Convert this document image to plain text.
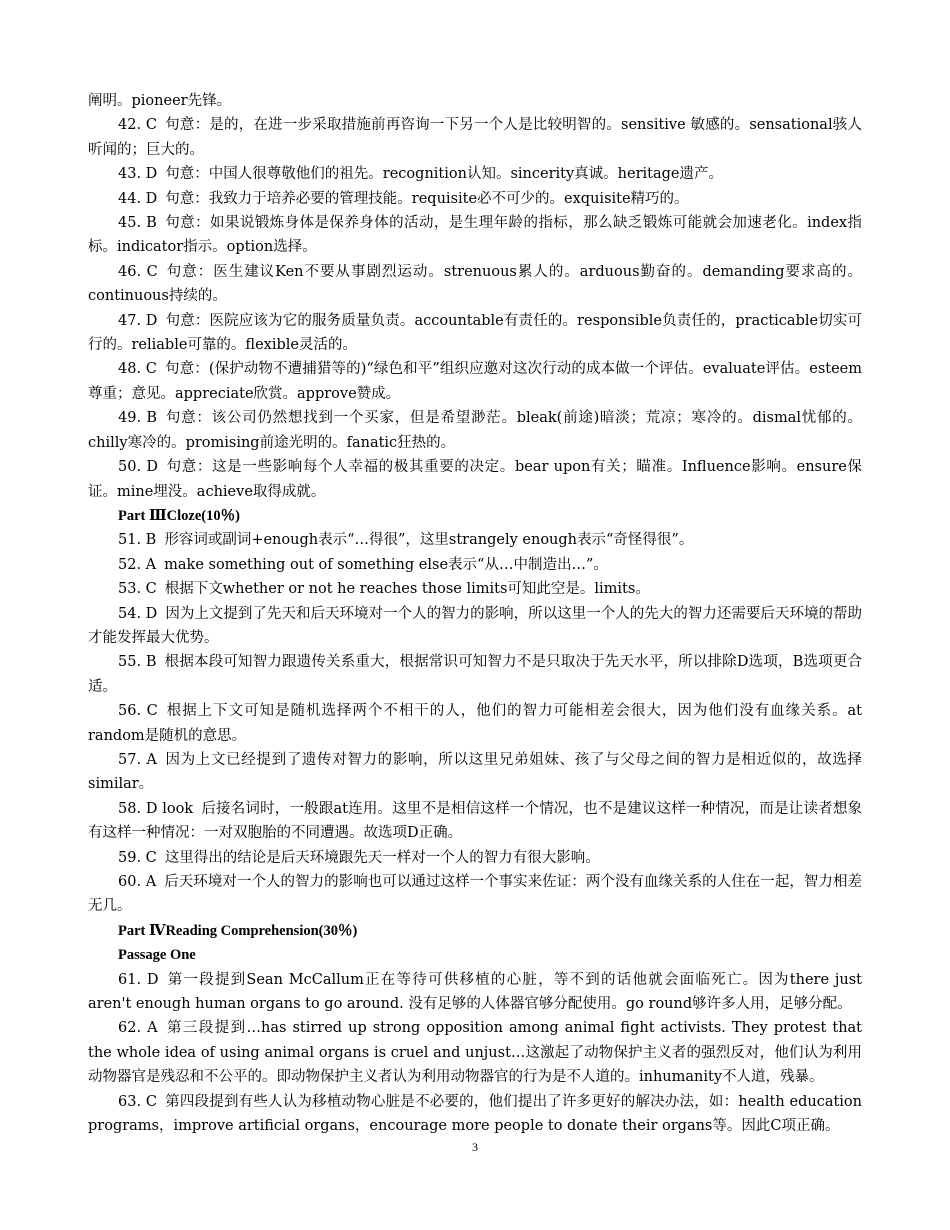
阐明。pioneer先锋。

42. C 句意：是的，在进一步采取措施前再咨询一下另一个人是比较明智的。sensitive 敏感的。sensational骇人听闻的；巨大的。

43. D 句意：中国人很尊敬他们的祖先。recognition认知。sincerity真诚。heritage遗产。

44. D 句意：我致力于培养必要的管理技能。requisite必不可少的。exquisite精巧的。

45. B 句意：如果说锻炼身体是保养身体的活动，是生理年龄的指标，那么缺乏锻炼可能就会加速老化。index指标。indicator指示。option选择。

46. C 句意：医生建议Ken不要从事剧烈运动。strenuous累人的。arduous勤奋的。demanding要求高的。continuous持续的。

47. D 句意：医院应该为它的服务质量负责。accountable有责任的。responsible负责任的，practicable切实可行的。reliable可靠的。flexible灵活的。

48. C 句意：(保护动物不遭捕猎等的)“绿色和平”组织应邀对这次行动的成本做一个评估。evaluate评估。esteem尊重；意见。appreciate欣赏。approve赞成。

49. B 句意：该公司仍然想找到一个买家，但是希望渺茫。bleak(前途)暗淡；荒凉；寒冷的。dismal忧郁的。chilly寒冷的。promising前途光明的。fanatic狂热的。

50. D 句意：这是一些影响每个人幸福的极其重要的决定。bear upon有关；瞄准。Influence影响。ensure保证。mine埋没。achieve取得成就。

Part ⅢCloze(10％)

51. B 形容词或副词+enough表示“…得很”，这里strangely enough表示“奇怪得很”。

52. A make something out of something else表示“从…中制造出…”。

53. C 根据下文whether or not he reaches those limits可知此空是。limits。

54. D 因为上文提到了先天和后天环境对一个人的智力的影响，所以这里一个人的先大的智力还需要后天环境的帮助才能发挥最大优势。

55. B 根据本段可知智力跟遗传关系重大，根据常识可知智力不是只取决于先天水平，所以排除D选项，B选项更合适。

56. C 根据上下文可知是随机选择两个不相干的人，他们的智力可能相差会很大，因为他们没有血缘关系。at random是随机的意思。

57. A 因为上文已经提到了遗传对智力的影响，所以这里兄弟姐妹、孩了与父母之间的智力是相近似的，故选择similar。

58. D look 后接名词时，一般跟at连用。这里不是相信这样一个情况，也不是建议这样一种情况，而是让读者想象有这样一种情况：一对双胞胎的不同遭遇。故选项D正确。

59. C 这里得出的结论是后天环境跟先天一样对一个人的智力有很大影响。

60. A 后天环境对一个人的智力的影响也可以通过这样一个事实来佐证：两个没有血缘关系的人住在一起，智力相差无几。

Part ⅣReading Comprehension(30％)

Passage One

61. D 第一段提到Sean McCallum正在等待可供移植的心脏，等不到的话他就会面临死亡。因为there just aren't enough human organs to go around. 没有足够的人体器官够分配使用。go round够许多人用，足够分配。

62. A 第三段提到…has stirred up strong opposition among animal fight activists. They protest that the whole idea of using animal organs is cruel and unjust…这激起了动物保护主义者的强烈反对，他们认为利用动物器官是残忍和不公平的。即动物保护主义者认为利用动物器官的行为是不人道的。inhumanity不人道，残暴。

63. C 第四段提到有些人认为移植动物心脏是不必要的，他们提出了许多更好的解决办法，如：health education programs，improve artificial organs，encourage more people to donate their organs等。因此C项正确。

3
